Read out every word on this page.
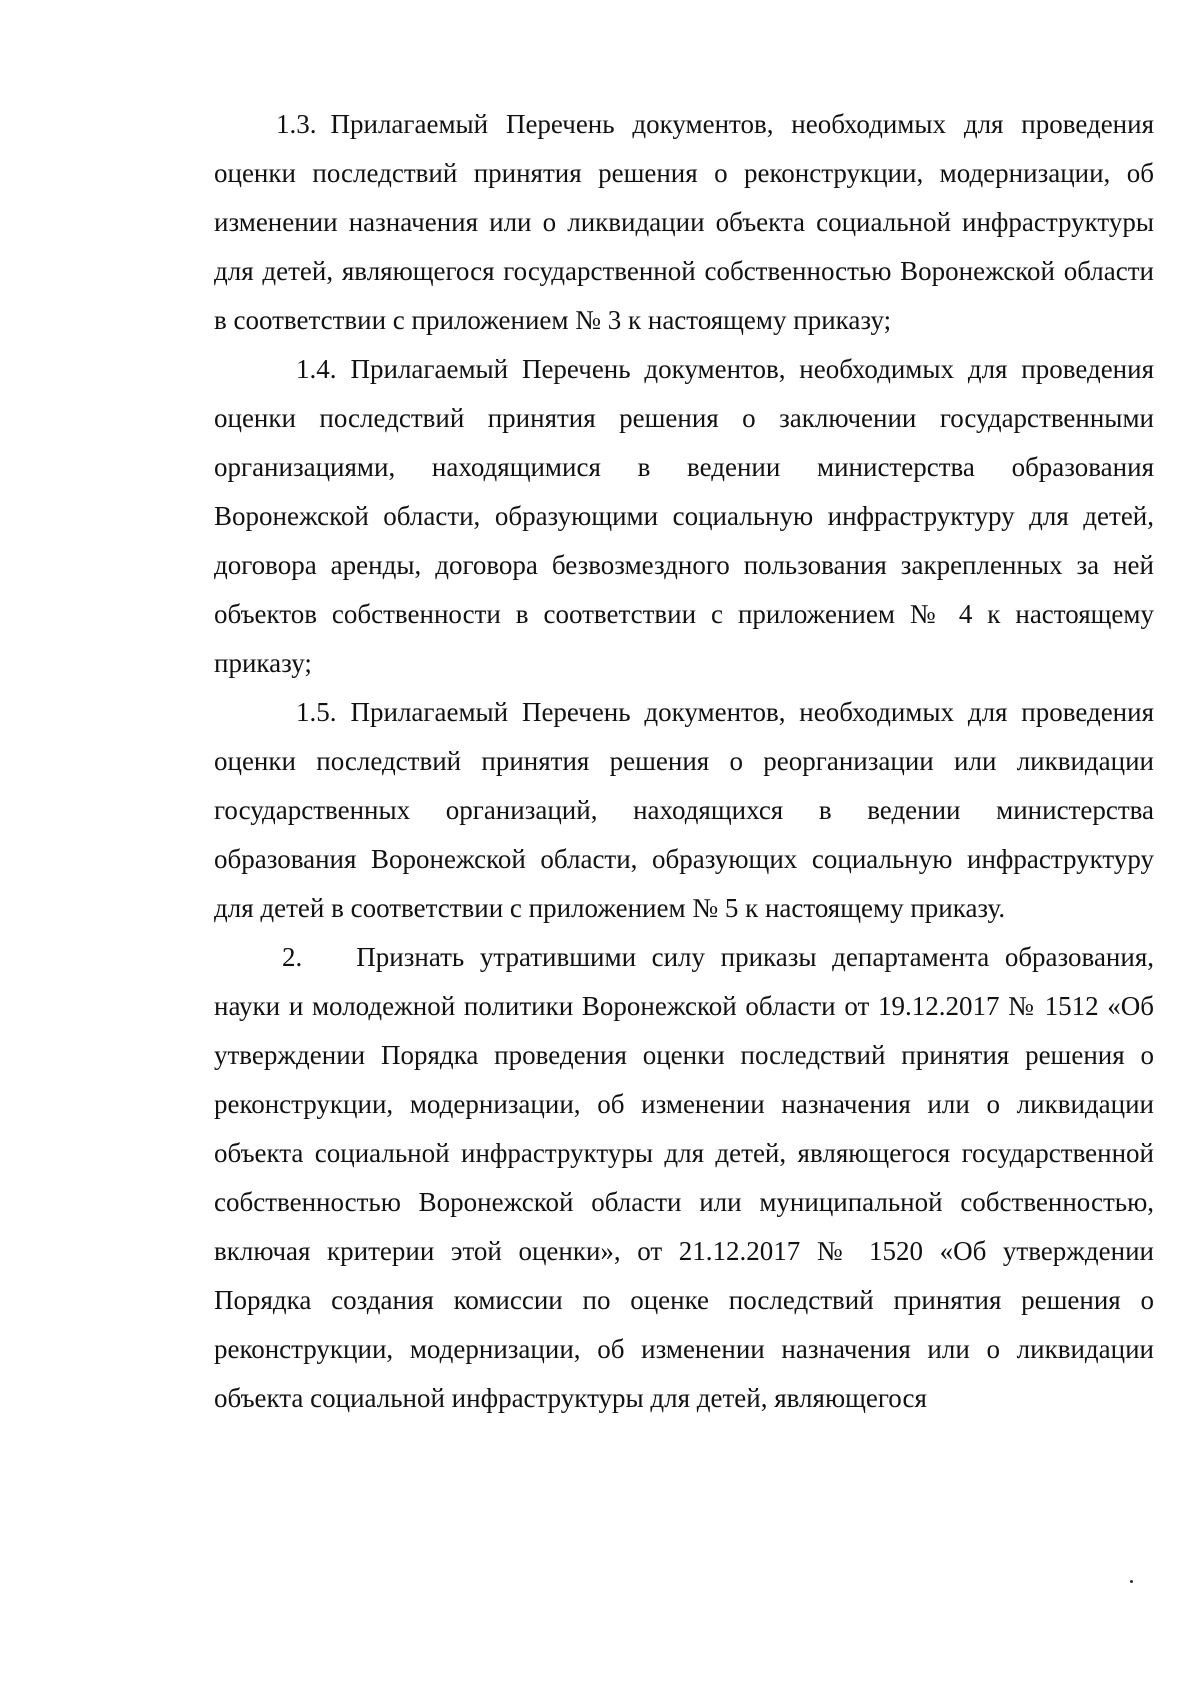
1.3. Прилагаемый Перечень документов, необходимых для проведения оценки последствий принятия решения о реконструкции, модернизации, об изменении назначения или о ликвидации объекта социальной инфраструктуры для детей, являющегося государственной собственностью Воронежской области в соответствии с приложением № 3 к настоящему приказу;

1.4. Прилагаемый Перечень документов, необходимых для проведения оценки последствий принятия решения о заключении государственными организациями, находящимися в ведении министерства образования Воронежской области, образующими социальную инфраструктуру для детей, договора аренды, договора безвозмездного пользования закрепленных за ней объектов собственности в соответствии с приложением № 4 к настоящему приказу;

1.5. Прилагаемый Перечень документов, необходимых для проведения оценки последствий принятия решения о реорганизации или ликвидации государственных организаций, находящихся в ведении министерства образования Воронежской области, образующих социальную инфраструктуру для детей в соответствии с приложением № 5 к настоящему приказу.

2. Признать утратившими силу приказы департамента образования, науки и молодежной политики Воронежской области от 19.12.2017 № 1512 «Об утверждении Порядка проведения оценки последствий принятия решения о реконструкции, модернизации, об изменении назначения или о ликвидации объекта социальной инфраструктуры для детей, являющегося государственной собственностью Воронежской области или муниципальной собственностью, включая критерии этой оценки», от 21.12.2017 № 1520 «Об утверждении Порядка создания комиссии по оценке последствий принятия решения о реконструкции, модернизации, об изменении назначения или о ликвидации объекта социальной инфраструктуры для детей, являющегося
